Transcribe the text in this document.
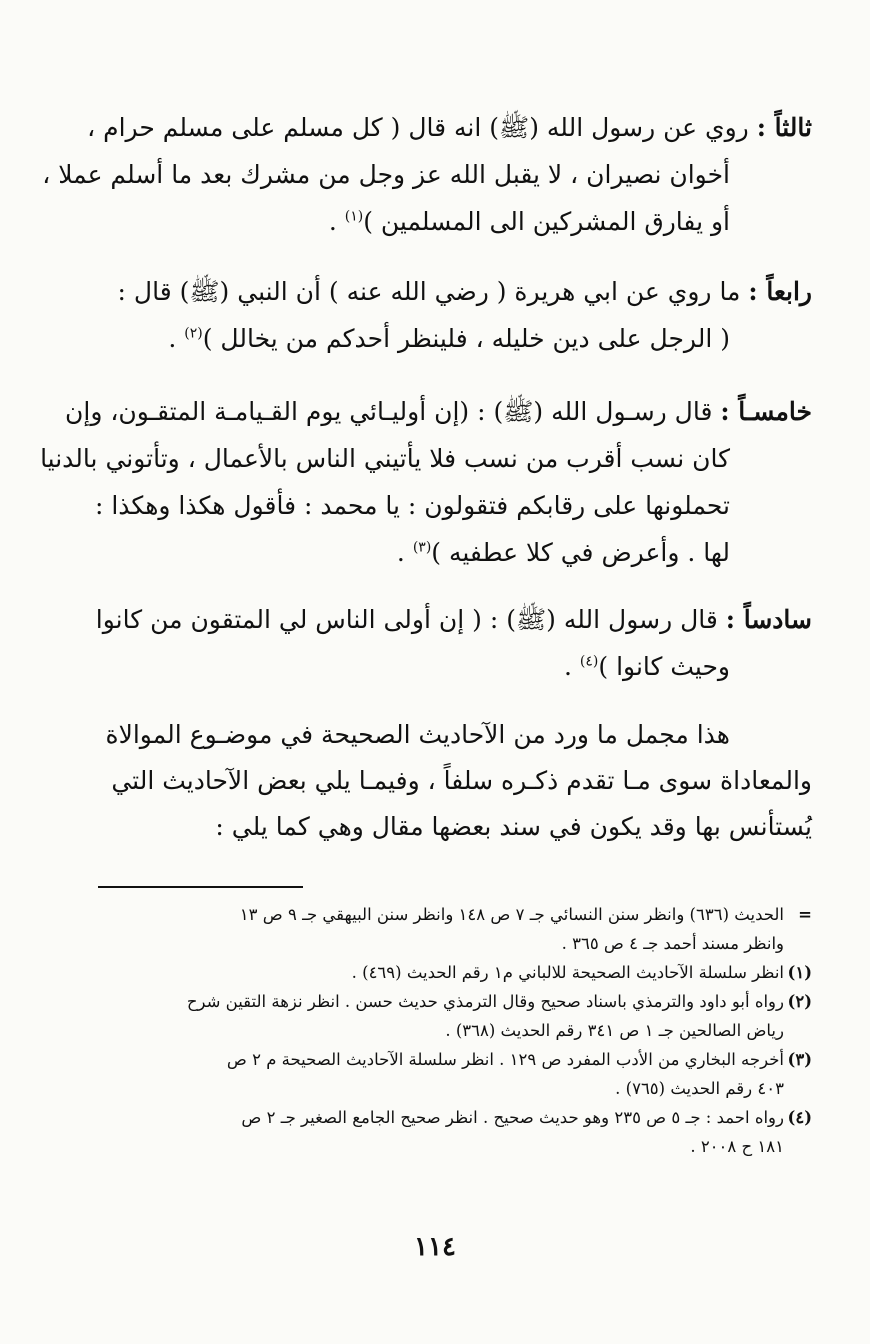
ثالثاً : روي عن رسول الله (ﷺ) انه قال ( كل مسلم على مسلم حرام ،
أخوان نصيران ، لا يقبل الله عز وجل من مشرك بعد ما أسلم عملا ،
أو يفارق المشركين الى المسلمين )$^{(١)}$ .
رابعاً : ما روي عن ابي هريرة ( رضي الله عنه ) أن النبي (ﷺ) قال :
( الرجل على دين خليله ، فلينظر أحدكم من يخالل )$^{(٢)}$ .
خامسـاً : قال رسـول الله (ﷺ) : (إن أوليـائي يوم القـيامـة المتقـون، وإن
كان نسب أقرب من نسب فلا يأتيني الناس بالأعمال ، وتأتوني بالدنيا
تحملونها على رقابكم فتقولون : يا محمد : فأقول هكذا وهكذا :
لها . وأعرض في كلا عطفيه )$^{(٣)}$ .
سادساً : قال رسول الله (ﷺ) : ( إن أولى الناس لي المتقون من كانوا
وحيث كانوا )$^{(٤)}$ .
هذا مجمل ما ورد من الآحاديث الصحيحة في موضـوع الموالاة
والمعاداة سوى مـا تقدم ذكـره سلفاً ، وفيمـا يلي بعض الآحاديث التي
يُستأنس بها وقد يكون في سند بعضها مقال وهي كما يلي :
=الحديث (٦٣٦) وانظر سنن النسائي جـ ٧ ص ١٤٨ وانظر سنن البيهقي جـ ٩ ص ١٣
وانظر مسند أحمد جـ ٤ ص ٣٦٥ .
(١)انظر سلسلة الآحاديث الصحيحة للالباني م١ رقم الحديث (٤٦٩) .
(٢)رواه أبو داود والترمذي باسناد صحيح وقال الترمذي حديث حسن . انظر نزهة التقين شرح
رياض الصالحين جـ ١ ص ٣٤١ رقم الحديث (٣٦٨) .
(٣)أخرجه البخاري من الأدب المفرد ص ١٢٩ . انظر سلسلة الآحاديث الصحيحة م ٢ ص
٤٠٣ رقم الحديث (٧٦٥) .
(٤)رواه احمد : جـ ٥ ص ٢٣٥ وهو حديث صحيح . انظر صحيح الجامع الصغير جـ ٢ ص
١٨١ ح ٢٠٠٨ .
١١٤
